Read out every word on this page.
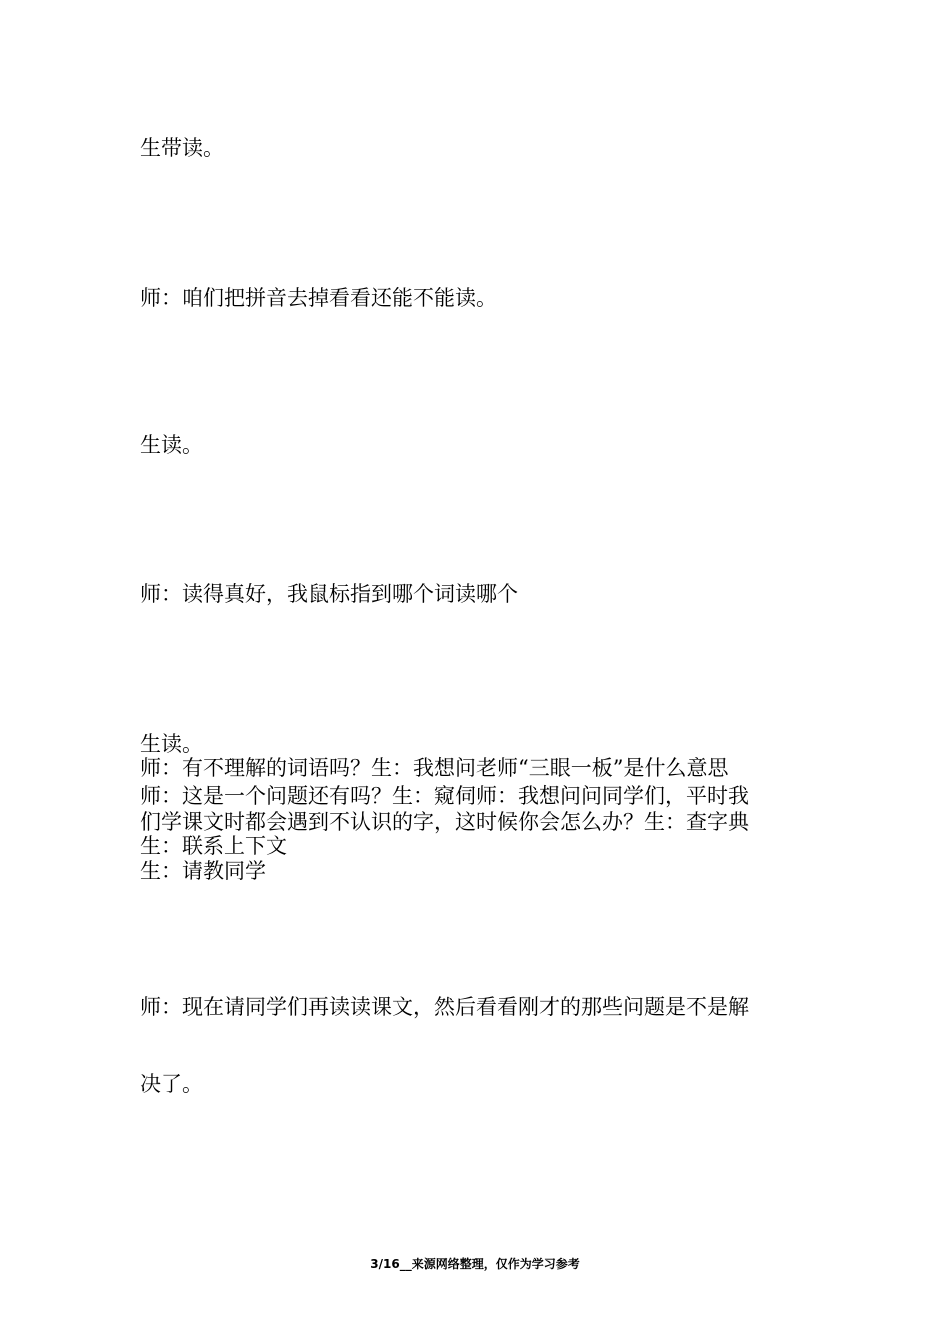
生带读。
师：咱们把拼音去掉看看还能不能读。
生读。
师：读得真好，我鼠标指到哪个词读哪个
生读。
师：有不理解的词语吗？生：我想问老师“三眼一板”是什么意思
师：这是一个问题还有吗？生：窥伺师：我想问问同学们，平时我
们学课文时都会遇到不认识的字，这时候你会怎么办？生：查字典
生：联系上下文
生：请教同学
师：现在请同学们再读读课文，然后看看刚才的那些问题是不是解
决了。
3/16__来源网络整理，仅作为学习参考
